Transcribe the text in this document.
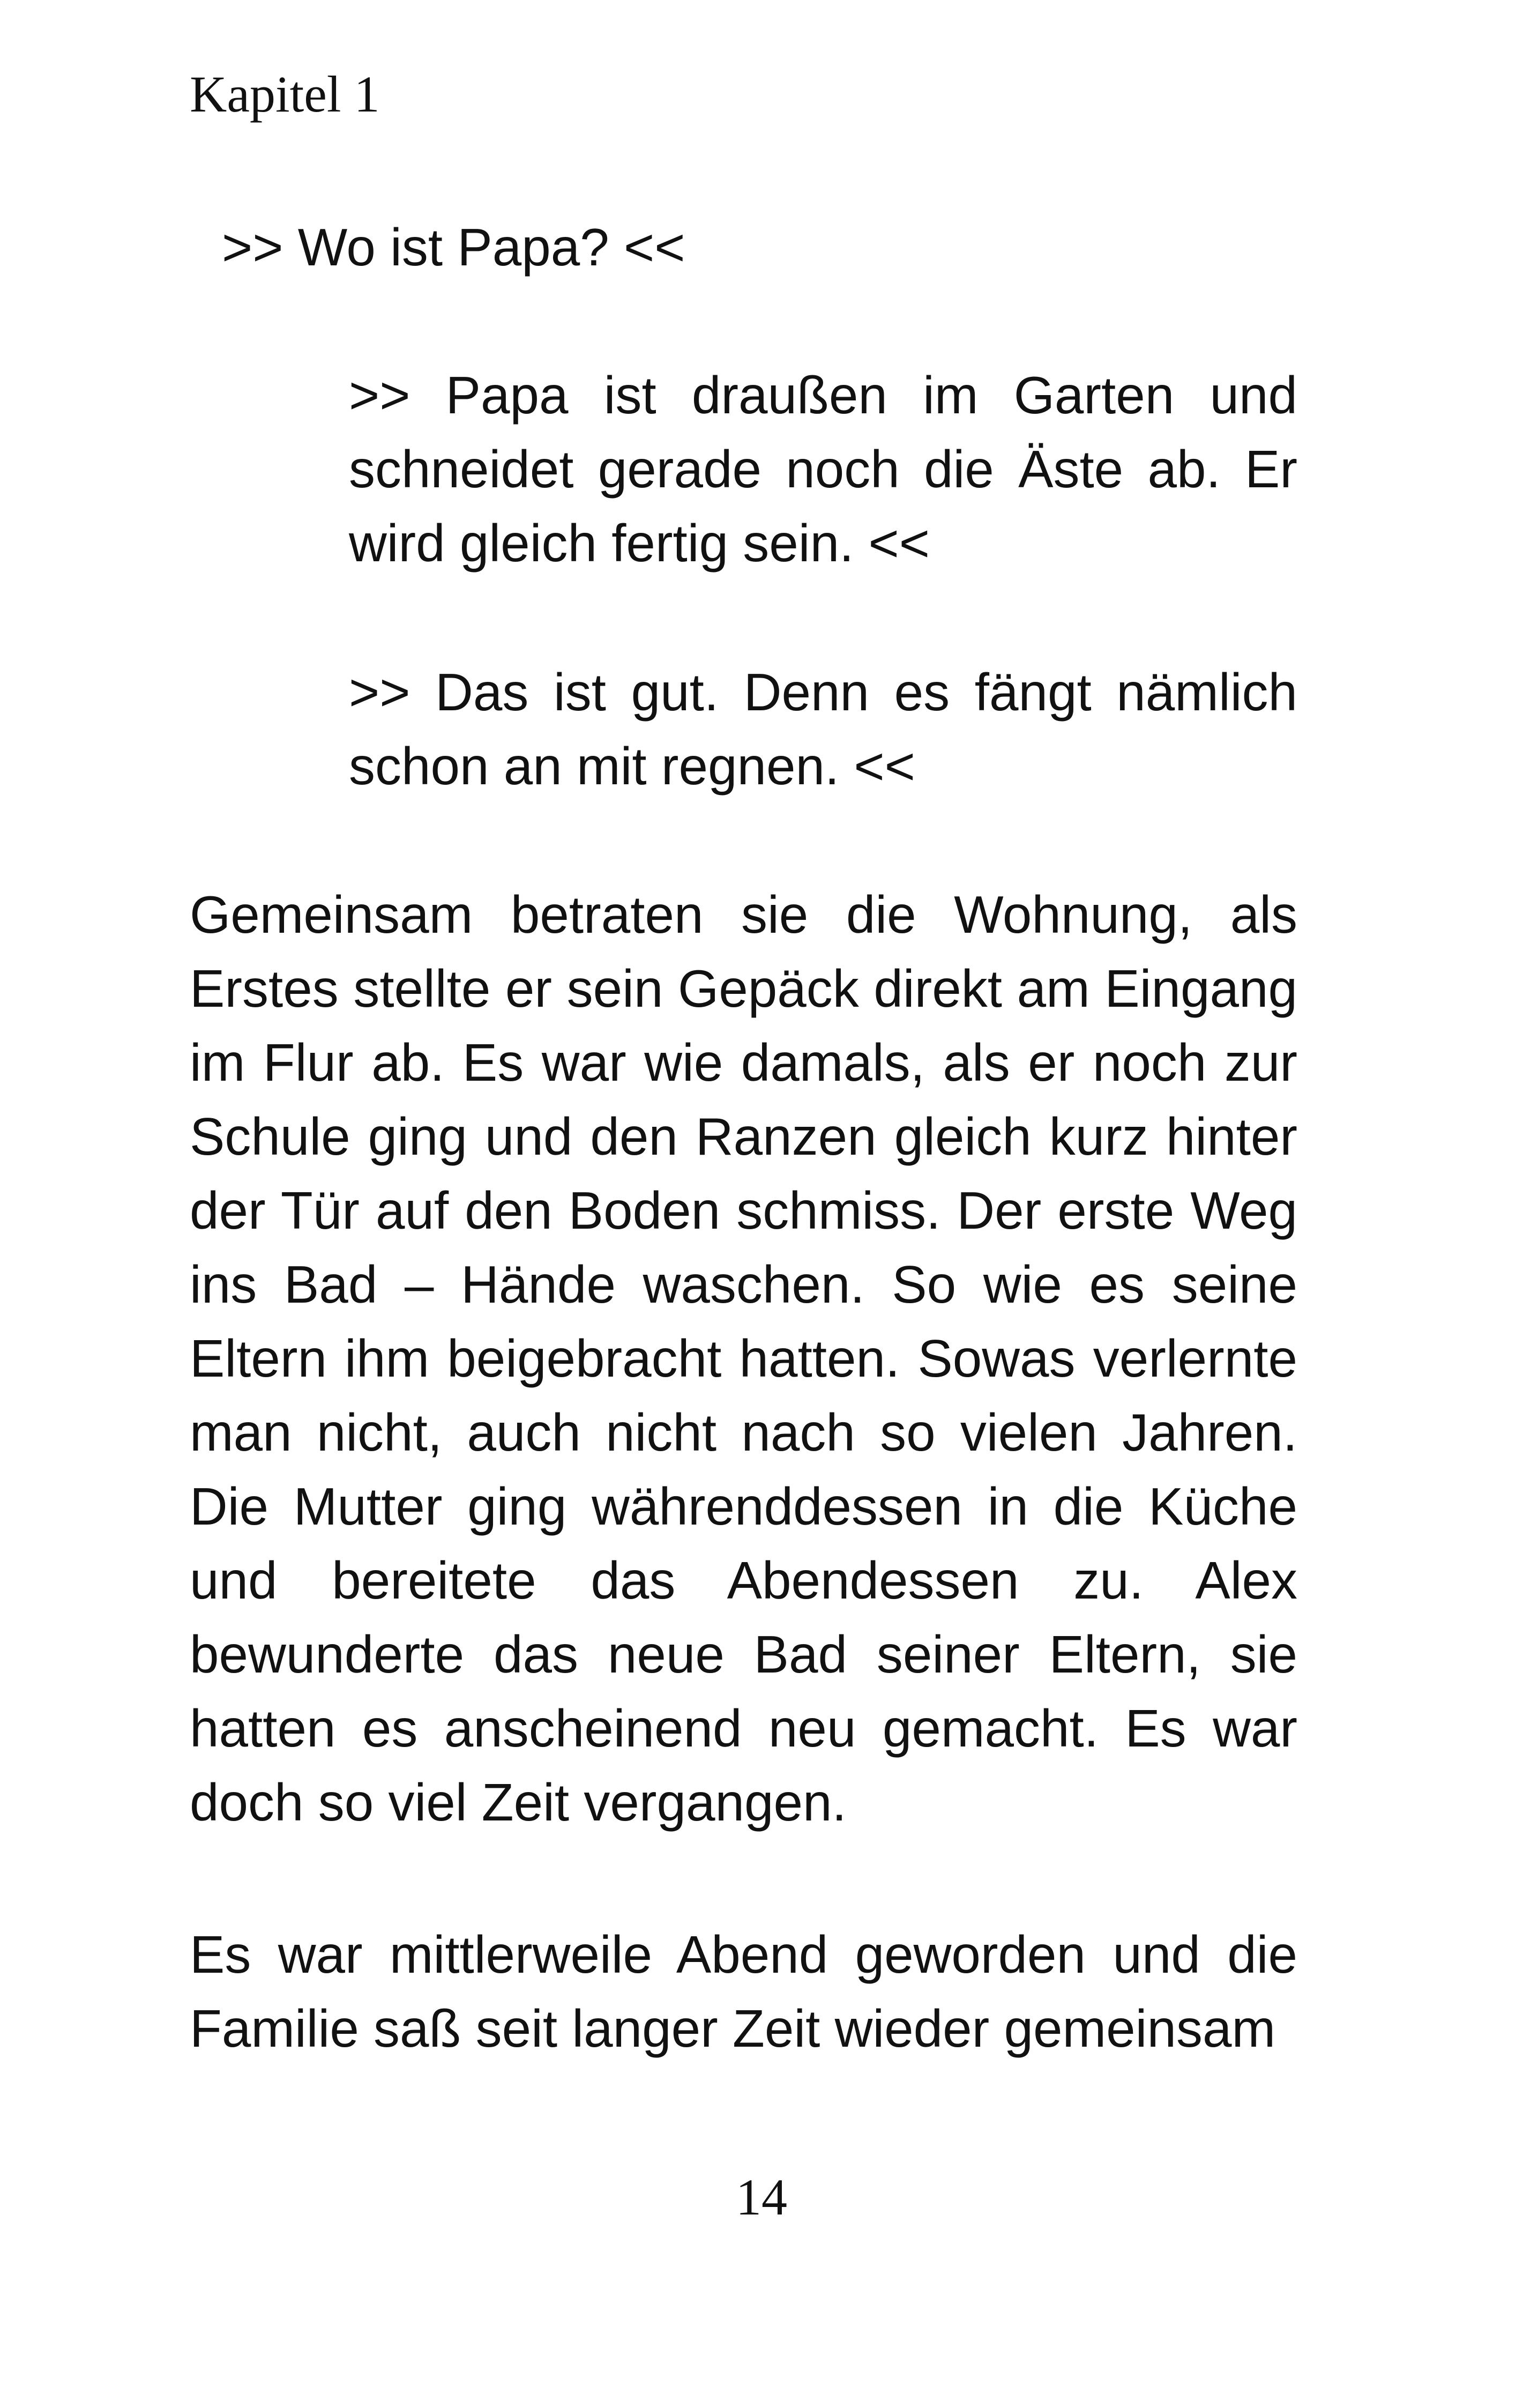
Kapitel 1

>> Wo ist Papa? <<

>> Papa ist draußen im Garten und schneidet gerade noch die Äste ab. Er wird gleich fertig sein. <<

>> Das ist gut. Denn es fängt nämlich schon an mit regnen. <<

Gemeinsam betraten sie die Wohnung, als Erstes stellte er sein Gepäck direkt am Eingang im Flur ab. Es war wie damals, als er noch zur Schule ging und den Ranzen gleich kurz hinter der Tür auf den Boden schmiss. Der erste Weg ins Bad – Hände waschen. So wie es seine Eltern ihm beigebracht hatten. Sowas verlernte man nicht, auch nicht nach so vielen Jahren. Die Mutter ging währenddessen in die Küche und bereitete das Abendessen zu. Alex bewunderte das neue Bad seiner Eltern, sie hatten es anscheinend neu gemacht. Es war doch so viel Zeit vergangen.

Es war mittlerweile Abend geworden und die Familie saß seit langer Zeit wieder gemeinsam

14
